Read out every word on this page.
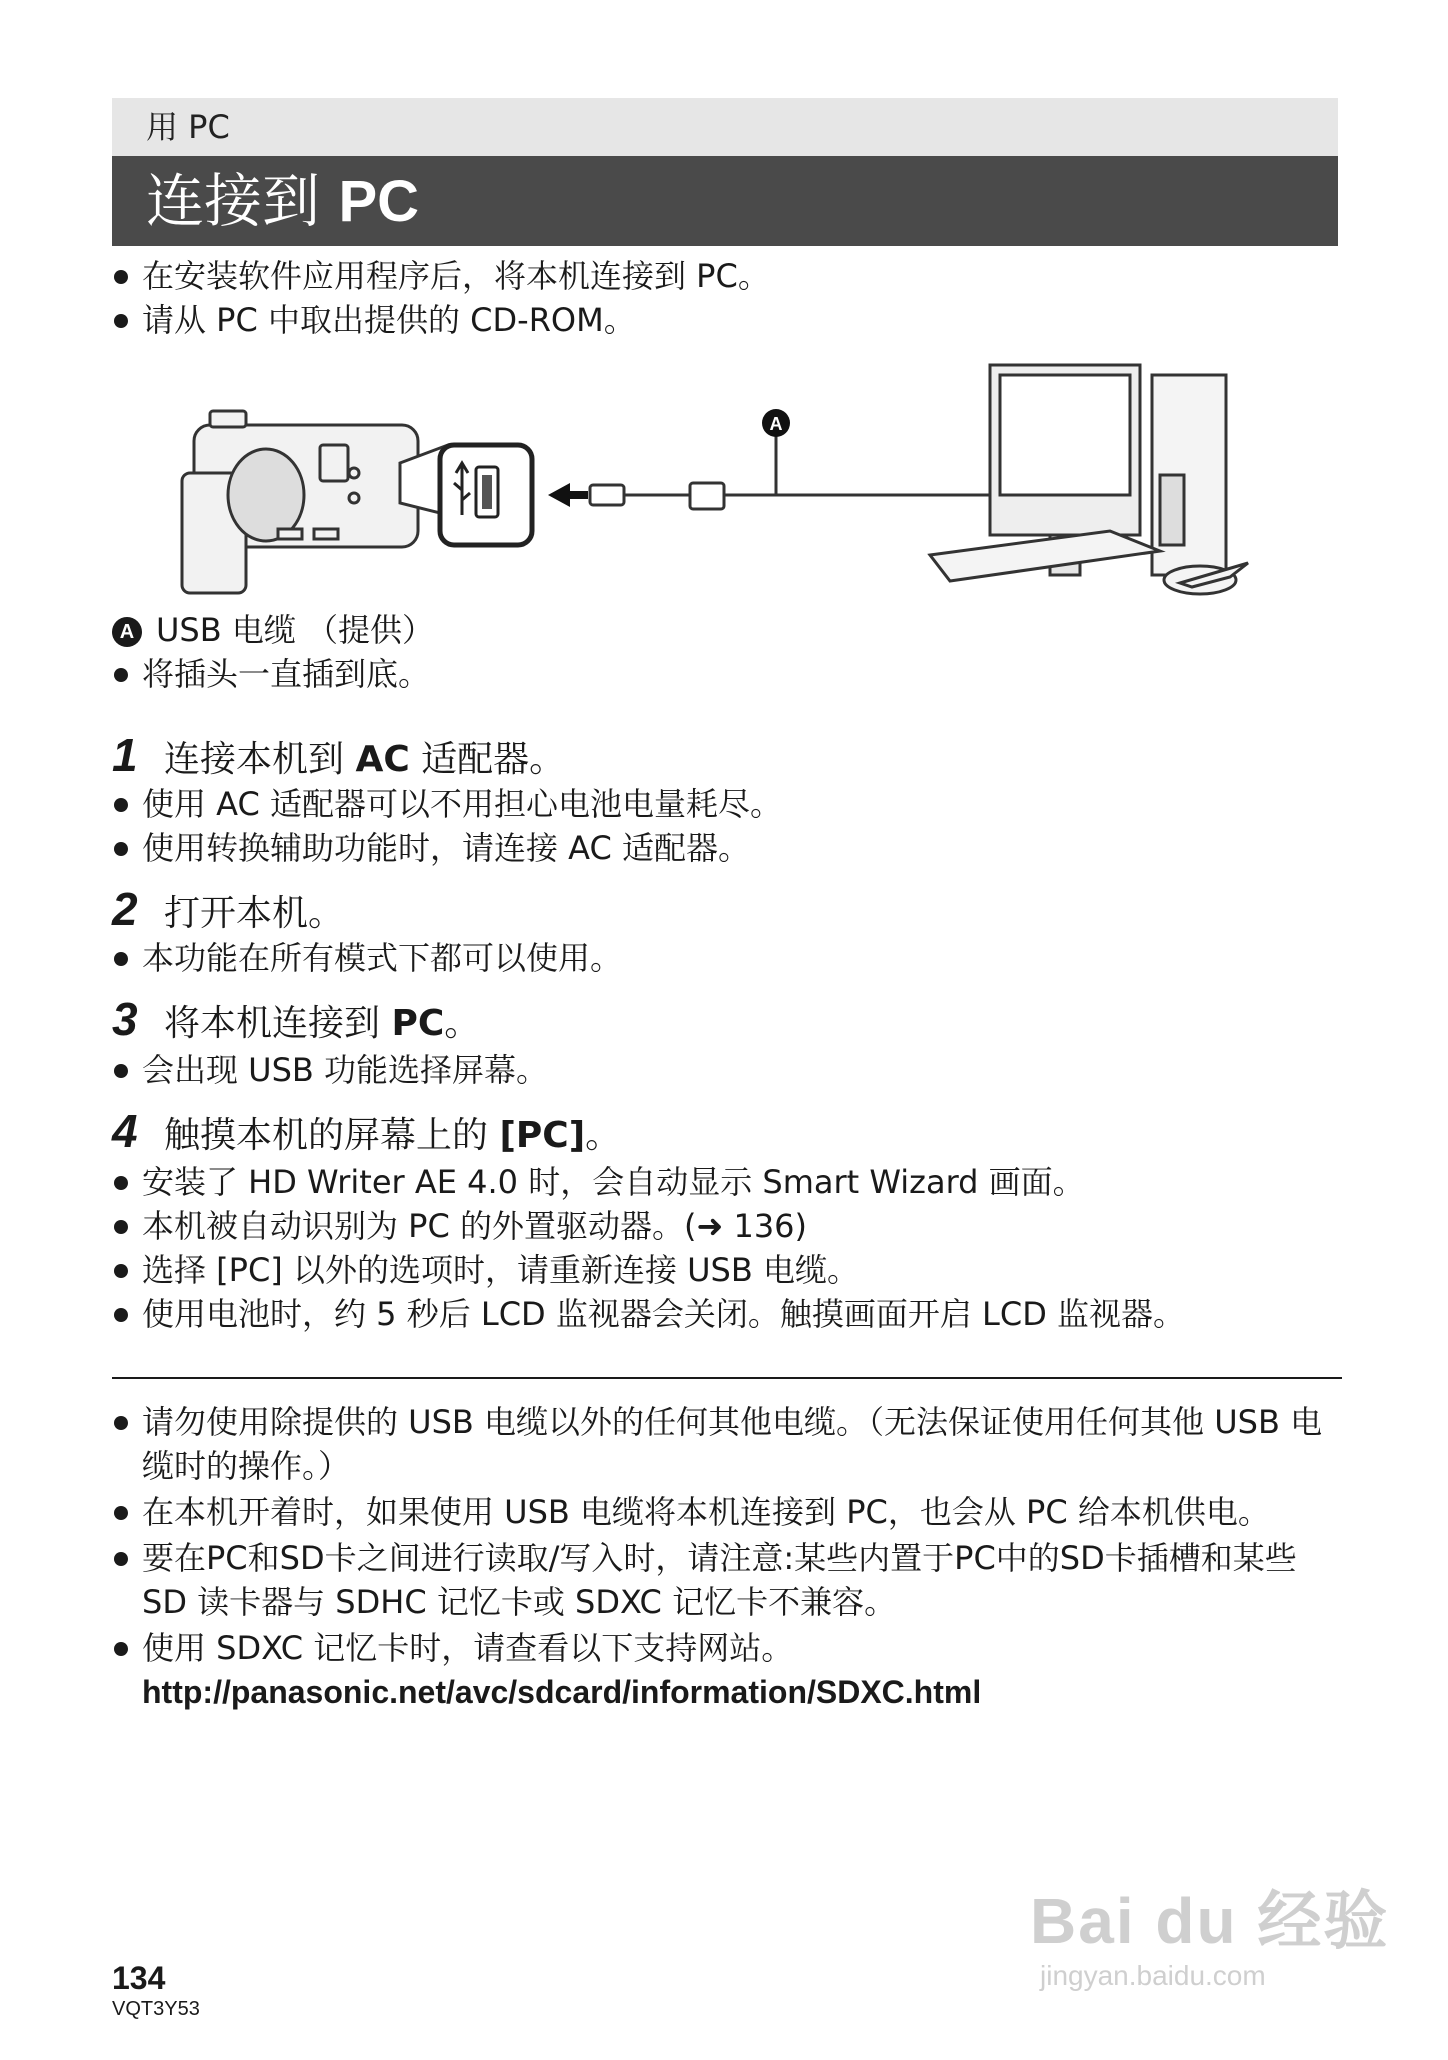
用 PC
连接到 PC
在安装软件应用程序后，将本机连接到 PC。
请从 PC 中取出提供的 CD-ROM。
A
A USB 电缆 （提供）
将插头一直插到底。
1 连接本机到 AC 适配器。
使用 AC 适配器可以不用担心电池电量耗尽。
使用转换辅助功能时，请连接 AC 适配器。
2 打开本机。
本功能在所有模式下都可以使用。
3 将本机连接到 PC。
会出现 USB 功能选择屏幕。
4 触摸本机的屏幕上的 [PC]。
安装了 HD Writer AE 4.0 时，会自动显示 Smart Wizard 画面。
本机被自动识别为 PC 的外置驱动器。(➜ 136)
选择 [PC] 以外的选项时，请重新连接 USB 电缆。
使用电池时，约 5 秒后 LCD 监视器会关闭。触摸画面开启 LCD 监视器。
请勿使用除提供的 USB 电缆以外的任何其他电缆。（无法保证使用任何其他 USB 电缆时的操作。）
在本机开着时，如果使用 USB 电缆将本机连接到 PC，也会从 PC 给本机供电。
要在PC和SD卡之间进行读取/写入时，请注意:某些内置于PC中的SD卡插槽和某些 SD 读卡器与 SDHC 记忆卡或 SDXC 记忆卡不兼容。
使用 SDXC 记忆卡时，请查看以下支持网站。
http://panasonic.net/avc/sdcard/information/SDXC.html
134
VQT3Y53
Bai du 经验
jingyan.baidu.com
